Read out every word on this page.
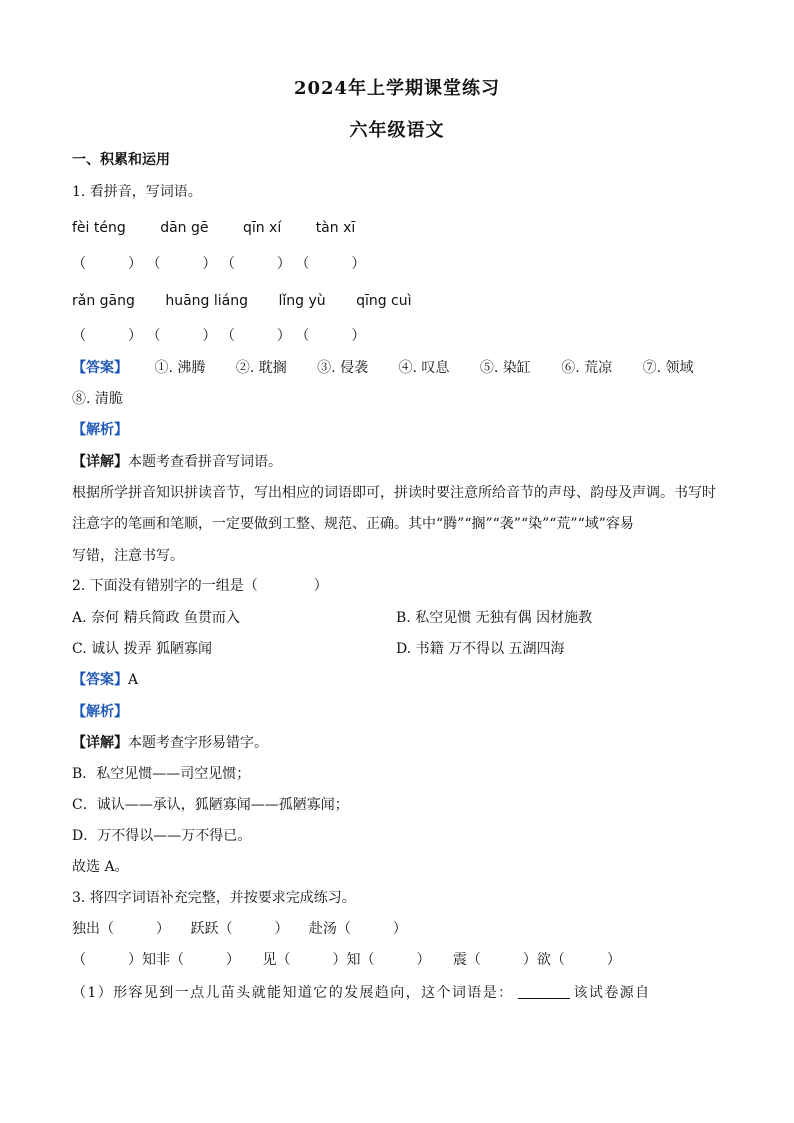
2024年上学期课堂练习
六年级语文
一、积累和运用
1. 看拼音，写词语。
fèi téng dān gē qīn xí tàn xī
（　　　） （　　　） （　　　） （　　　）
rǎn gāng huāng liáng lǐng yù qīng cuì
（　　　） （　　　） （　　　） （　　　）
【答案】 ①. 沸腾 ②. 耽搁 ③. 侵袭 ④. 叹息 ⑤. 染缸 ⑥. 荒凉 ⑦. 领域
⑧. 清脆
【解析】
【详解】本题考查看拼音写词语。
根据所学拼音知识拼读音节，写出相应的词语即可，拼读时要注意所给音节的声母、韵母及声调。书写时
注意字的笔画和笔顺，一定要做到工整、规范、正确。其中“腾”“搁”“袭”“染”“荒”“域”容易
写错，注意书写。
2. 下面没有错别字的一组是（　　　　）
A. 奈何 精兵简政 鱼贯而入	B. 私空见惯 无独有偶 因材施教
C. 诚认 拨弄 狐陋寡闻	D. 书籍 万不得以 五湖四海
【答案】A
【解析】
【详解】本题考查字形易错字。
B．私空见惯——司空见惯；
C．诚认——承认，狐陋寡闻——孤陋寡闻；
D．万不得以——万不得已。
故选 A。
3. 将四字词语补充完整，并按要求完成练习。
独出（　　　） 跃跃（　　　） 赴汤（　　　）
（　　　）知非（　　　） 见（　　　）知（　　　） 震（　　　）欲（　　　）
（1）形容见到一点儿苗头就能知道它的发展趋向，这个词语是：	该试卷源自
